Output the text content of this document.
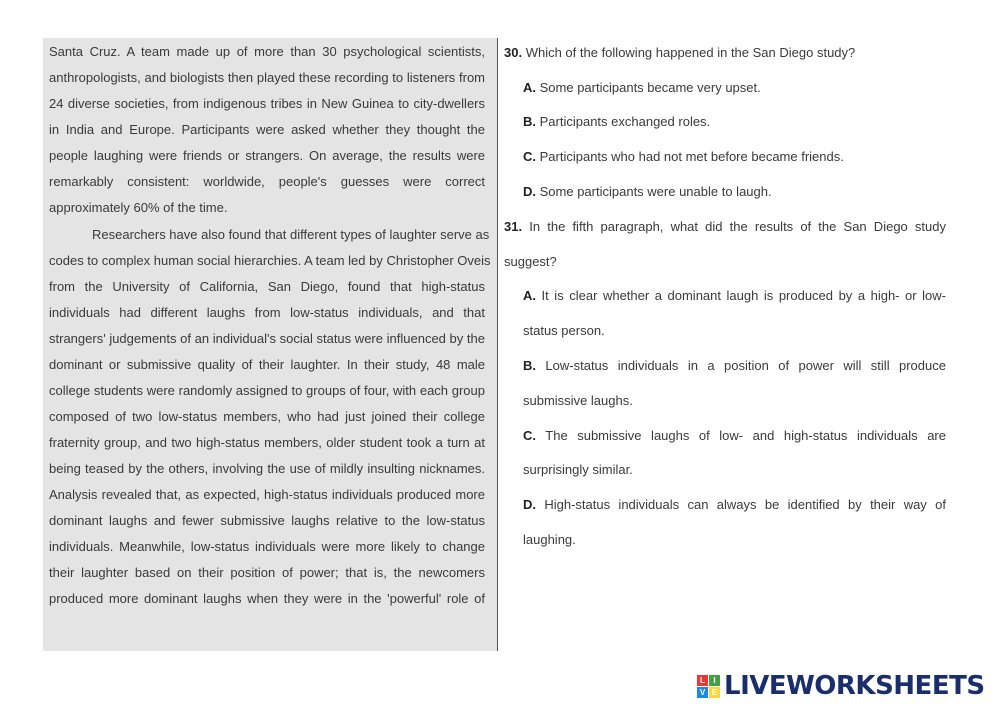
Santa Cruz. A team made up of more than 30 psychological scientists,
anthropologists, and biologists then played these recording to listeners from
24 diverse societies, from indigenous tribes in New Guinea to city-dwellers
in India and Europe. Participants were asked whether they thought the
people laughing were friends or strangers. On average, the results were
remarkably consistent: worldwide, people's guesses were correct
approximately 60% of the time.
Researchers have also found that different types of laughter serve as
codes to complex human social hierarchies. A team led by Christopher Oveis
from the University of California, San Diego, found that high-status
individuals had different laughs from low-status individuals, and that
strangers' judgements of an individual's social status were influenced by the
dominant or submissive quality of their laughter. In their study, 48 male
college students were randomly assigned to groups of four, with each group
composed of two low-status members, who had just joined their college
fraternity group, and two high-status members, older student took a turn at
being teased by the others, involving the use of mildly insulting nicknames.
Analysis revealed that, as expected, high-status individuals produced more
dominant laughs and fewer submissive laughs relative to the low-status
individuals. Meanwhile, low-status individuals were more likely to change
their laughter based on their position of power; that is, the newcomers
produced more dominant laughs when they were in the 'powerful' role of
30. Which of the following happened in the San Diego study?
A. Some participants became very upset.
B. Participants exchanged roles.
C. Participants who had not met before became friends.
D. Some participants were unable to laugh.
31. In the fifth paragraph, what did the results of the San Diego study
suggest?
A. It is clear whether a dominant laugh is produced by a high- or low-
status person.
B. Low-status individuals in a position of power will still produce
submissive laughs.
C. The submissive laughs of low- and high-status individuals are
surprisingly similar.
D. High-status individuals can always be identified by their way of
laughing.
L	I
V E LIVEWORKSHEETS
